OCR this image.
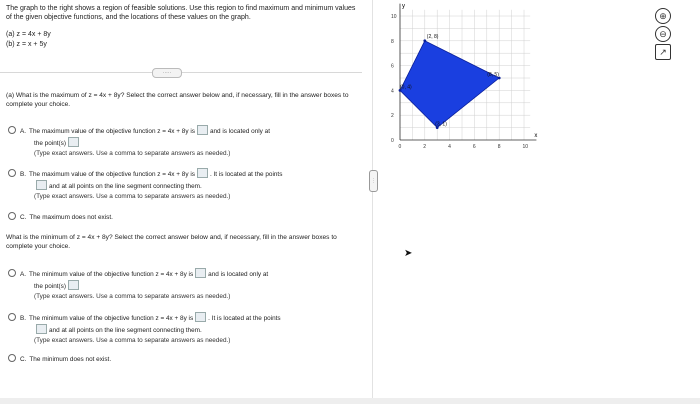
The graph to the right shows a region of feasible solutions. Use this region to find maximum and minimum values of the given objective functions, and the locations of these values on the graph.

(a) z = 4x + 8y
(b) z = x + 5y
·····
(a) What is the maximum of z = 4x + 8y? Select the correct answer below and, if necessary, fill in the answer boxes to complete your choice.
A. The maximum value of the objective function z = 4x + 8y is and is located only at
the point(s)
(Type exact answers. Use a comma to separate answers as needed.)
B. The maximum value of the objective function z = 4x + 8y is . It is located at the points
and at all points on the line segment connecting them.
(Type exact answers. Use a comma to separate answers as needed.)
C. The maximum does not exist.
What is the minimum of z = 4x + 8y? Select the correct answer below and, if necessary, fill in the answer boxes to complete your choice.
A. The minimum value of the objective function z = 4x + 8y is and is located only at
the point(s)
(Type exact answers. Use a comma to separate answers as needed.)
B. The minimum value of the objective function z = 4x + 8y is . It is located at the points
and at all points on the line segment connecting them.
(Type exact answers. Use a comma to separate answers as needed.)
C. The minimum does not exist.
⋮
(2, 8)
(8, 5)
(0, 4)
(3, 1)
0	2	4	6	8	10
0
2
4
6
8
10
x
y
⊕
⊖
↗
➤
